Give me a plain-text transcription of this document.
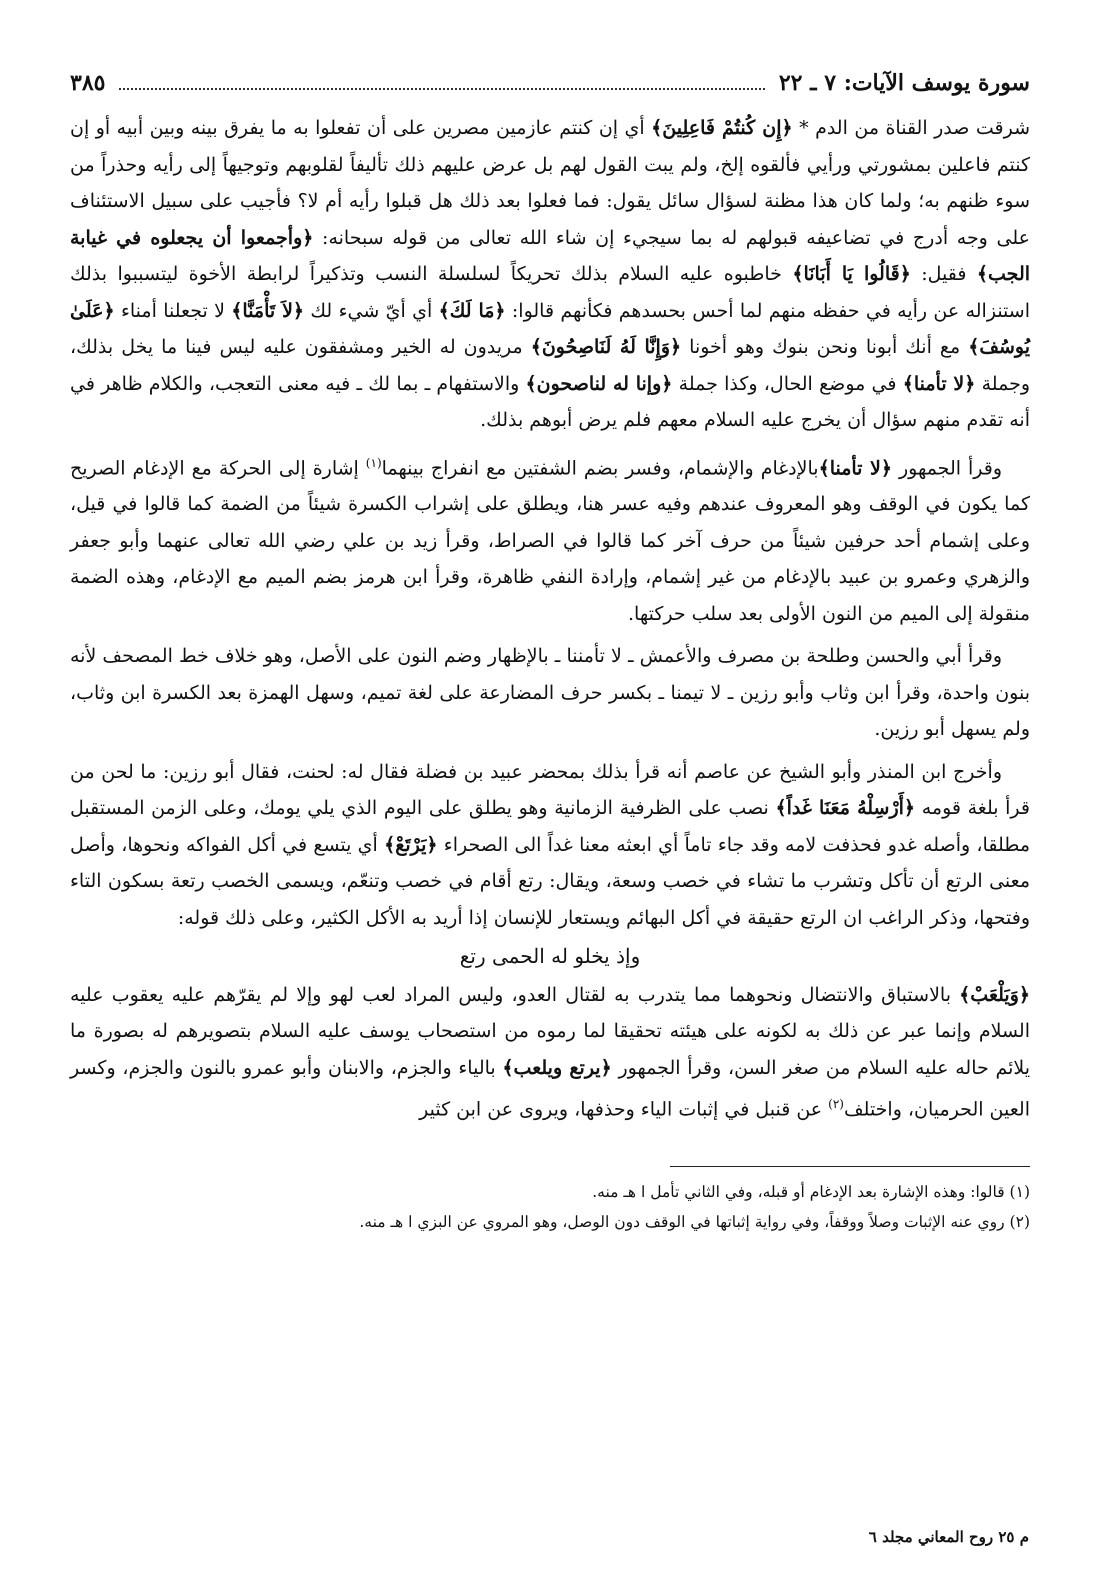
سورة يوسف الآيات: ٧ ـ ٢٢
٣٨٥

شرقت صدر القناة من الدم * ﴿إِن كُنتُمْ فَاعِلِينَ﴾ أي إن كنتم عازمين مصرين على أن تفعلوا به ما يفرق بينه وبين أبيه أو إن كنتم فاعلين بمشورتي ورأيي فألقوه إلخ، ولم يبت القول لهم بل عرض عليهم ذلك تأليفاً لقلوبهم وتوجيهاً إلى رأيه وحذراً من سوء ظنهم به؛ ولما كان هذا مظنة لسؤال سائل يقول: فما فعلوا بعد ذلك هل قبلوا رأيه أم لا؟ فأجيب على سبيل الاستئناف على وجه أدرج في تضاعيفه قبولهم له بما سيجيء إن شاء الله تعالى من قوله سبحانه: ﴿وأجمعوا أن يجعلوه في غيابة الجب﴾ فقيل: ﴿قَالُوا يَا أَبَانَا﴾ خاطبوه عليه السلام بذلك تحريكاً لسلسلة النسب وتذكيراً لرابطة الأخوة ليتسببوا بذلك استنزاله عن رأيه في حفظه منهم لما أحس بحسدهم فكأنهم قالوا: ﴿مَا لَكَ﴾ أي أيّ شيء لك ﴿لاَ تَأْمَنَّا﴾ لا تجعلنا أمناء ﴿عَلَىٰ يُوسُفَ﴾ مع أنك أبونا ونحن بنوك وهو أخونا ﴿وَإِنَّا لَهُ لَنَاصِحُونَ﴾ مريدون له الخير ومشفقون عليه ليس فينا ما يخل بذلك، وجملة ﴿لا تأمنا﴾ في موضع الحال، وكذا جملة ﴿وإنا له لناصحون﴾ والاستفهام ـ بما لك ـ فيه معنى التعجب، والكلام ظاهر في أنه تقدم منهم سؤال أن يخرج عليه السلام معهم فلم يرض أبوهم بذلك.

وقرأ الجمهور ﴿لا تأمنا﴾بالإدغام والإشمام، وفسر بضم الشفتين مع انفراج بينهما$^{(١)}$ إشارة إلى الحركة مع الإدغام الصريح كما يكون في الوقف وهو المعروف عندهم وفيه عسر هنا، ويطلق على إشراب الكسرة شيئاً من الضمة كما قالوا في قيل، وعلى إشمام أحد حرفين شيئاً من حرف آخر كما قالوا في الصراط، وقرأ زيد بن علي رضي الله تعالى عنهما وأبو جعفر والزهري وعمرو بن عبيد بالإدغام من غير إشمام، وإرادة النفي ظاهرة، وقرأ ابن هرمز بضم الميم مع الإدغام، وهذه الضمة منقولة إلى الميم من النون الأولى بعد سلب حركتها.

وقرأ أبي والحسن وطلحة بن مصرف والأعمش ـ لا تأمننا ـ بالإظهار وضم النون على الأصل، وهو خلاف خط المصحف لأنه بنون واحدة، وقرأ ابن وثاب وأبو رزين ـ لا تيمنا ـ بكسر حرف المضارعة على لغة تميم، وسهل الهمزة بعد الكسرة ابن وثاب، ولم يسهل أبو رزين.

وأخرج ابن المنذر وأبو الشيخ عن عاصم أنه قرأ بذلك بمحضر عبيد بن فضلة فقال له: لحنت، فقال أبو رزين: ما لحن من قرأ بلغة قومه ﴿أَرْسِلْهُ مَعَنَا غَداً﴾ نصب على الظرفية الزمانية وهو يطلق على اليوم الذي يلي يومك، وعلى الزمن المستقبل مطلقا، وأصله غدو فحذفت لامه وقد جاء تاماً أي ابعثه معنا غداً الى الصحراء ﴿يَرْتَعْ﴾ أي يتسع في أكل الفواكه ونحوها، وأصل معنى الرتع أن تأكل وتشرب ما تشاء في خصب وسعة، ويقال: رتع أقام في خصب وتنعّم، ويسمى الخصب رتعة بسكون التاء وفتحها، وذكر الراغب ان الرتع حقيقة في أكل البهائم ويستعار للإنسان إذا أريد به الأكل الكثير، وعلى ذلك قوله:

وإذ يخلو له الحمى رتع

﴿وَيَلْعَبْ﴾ بالاستباق والانتضال ونحوهما مما يتدرب به لقتال العدو، وليس المراد لعب لهو وإلا لم يقرّهم عليه يعقوب عليه السلام وإنما عبر عن ذلك به لكونه على هيئته تحقيقا لما رموه من استصحاب يوسف عليه السلام بتصويرهم له بصورة ما يلائم حاله عليه السلام من صغر السن، وقرأ الجمهور ﴿يرتع ويلعب﴾ بالياء والجزم، والابنان وأبو عمرو بالنون والجزم، وكسر العين الحرميان، واختلف$^{(٢)}$ عن قنبل في إثبات الياء وحذفها، ويروى عن ابن كثير

(١) قالوا: وهذه الإشارة بعد الإدغام أو قبله، وفي الثاني تأمل ا هـ منه.

(٢) روي عنه الإثبات وصلاً ووقفاً، وفي رواية إثباتها في الوقف دون الوصل، وهو المروي عن البزي ا هـ منه.

م ٢٥ روح المعاني مجلد ٦
